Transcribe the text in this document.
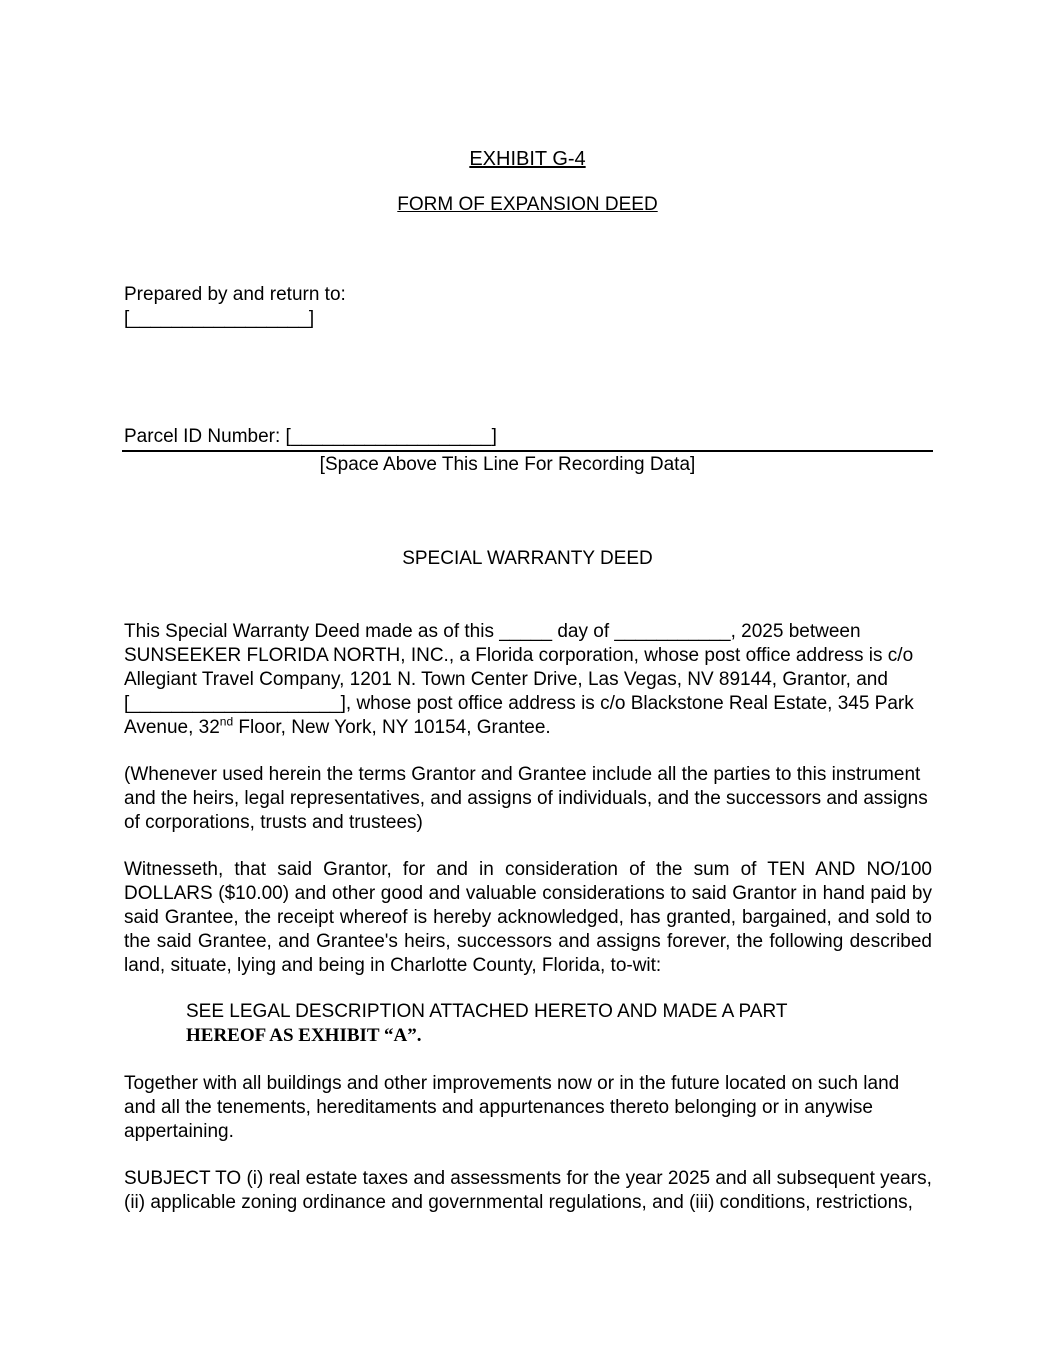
EXHIBIT G-4
FORM OF EXPANSION DEED
Prepared by and return to:
[_________________]
Parcel ID Number: [___________________]
[Space Above This Line For Recording Data]
SPECIAL WARRANTY DEED
This Special Warranty Deed made as of this _____ day of ___________, 2025 between SUNSEEKER FLORIDA NORTH, INC., a Florida corporation, whose post office address is c/o Allegiant Travel Company, 1201 N. Town Center Drive, Las Vegas, NV 89144, Grantor, and [____________________], whose post office address is c/o Blackstone Real Estate, 345 Park Avenue, 32nd Floor, New York, NY 10154, Grantee.
(Whenever used herein the terms Grantor and Grantee include all the parties to this instrument and the heirs, legal representatives, and assigns of individuals, and the successors and assigns of corporations, trusts and trustees)
Witnesseth, that said Grantor, for and in consideration of the sum of TEN AND NO/100 DOLLARS ($10.00) and other good and valuable considerations to said Grantor in hand paid by said Grantee, the receipt whereof is hereby acknowledged, has granted, bargained, and sold to the said Grantee, and Grantee's heirs, successors and assigns forever, the following described land, situate, lying and being in Charlotte County, Florida, to-wit:
SEE LEGAL DESCRIPTION ATTACHED HERETO AND MADE A PART
HEREOF AS EXHIBIT “A”.
Together with all buildings and other improvements now or in the future located on such land and all the tenements, hereditaments and appurtenances thereto belonging or in anywise appertaining.
SUBJECT TO (i) real estate taxes and assessments for the year 2025 and all subsequent years, (ii) applicable zoning ordinance and governmental regulations, and (iii) conditions, restrictions,
